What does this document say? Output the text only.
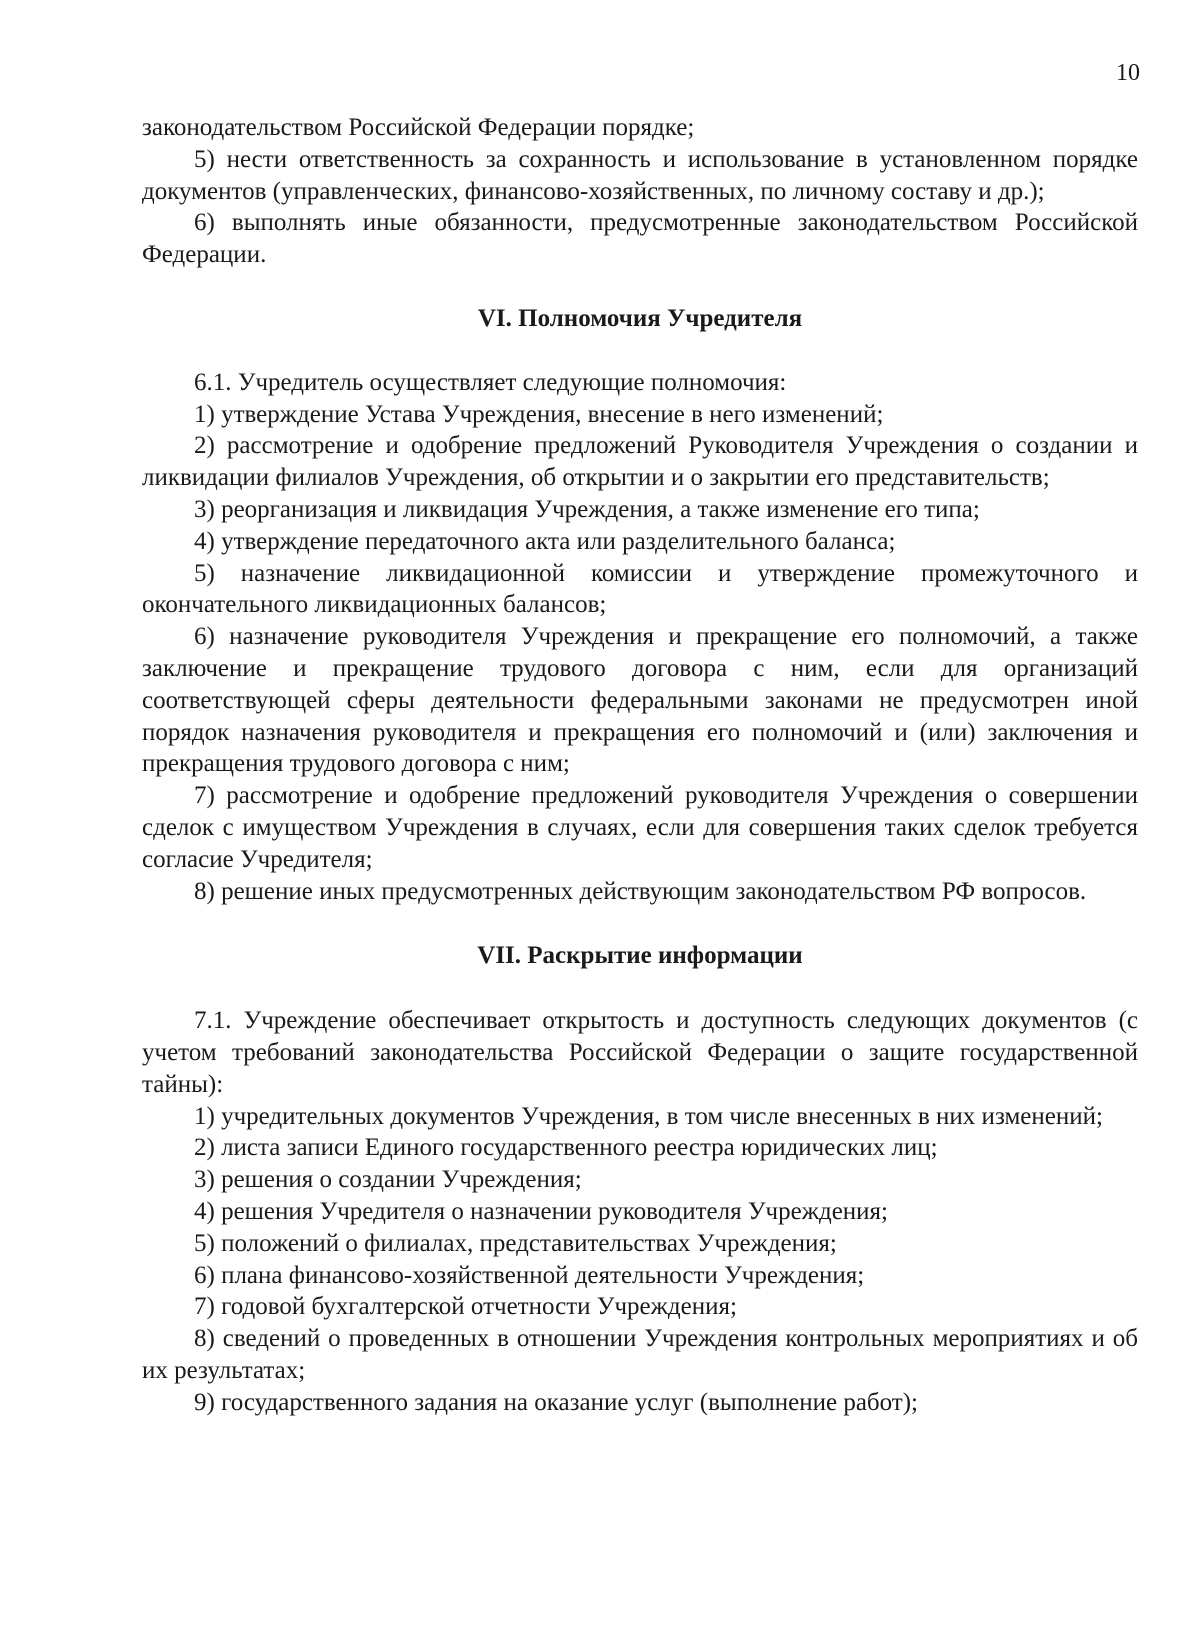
10

законодательством Российской Федерации порядке;

5) нести ответственность за сохранность и использование в установленном порядке документов (управленческих, финансово-хозяйственных, по личному составу и др.);

6) выполнять иные обязанности, предусмотренные законодательством Российской Федерации.

VI. Полномочия Учредителя

6.1. Учредитель осуществляет следующие полномочия:

1) утверждение Устава Учреждения, внесение в него изменений;

2) рассмотрение и одобрение предложений Руководителя Учреждения о создании и ликвидации филиалов Учреждения, об открытии и о закрытии его представительств;

3) реорганизация и ликвидация Учреждения, а также изменение его типа;

4) утверждение передаточного акта или разделительного баланса;

5) назначение ликвидационной комиссии и утверждение промежуточного и окончательного ликвидационных балансов;

6) назначение руководителя Учреждения и прекращение его полномочий, а также заключение и прекращение трудового договора с ним, если для организаций соответствующей сферы деятельности федеральными законами не предусмотрен иной порядок назначения руководителя и прекращения его полномочий и (или) заключения и прекращения трудового договора с ним;

7) рассмотрение и одобрение предложений руководителя Учреждения о совершении сделок с имуществом Учреждения в случаях, если для совершения таких сделок требуется согласие Учредителя;

8) решение иных предусмотренных действующим законодательством РФ вопросов.

VII. Раскрытие информации

7.1. Учреждение обеспечивает открытость и доступность следующих документов (с учетом требований законодательства Российской Федерации о защите государственной тайны):

1) учредительных документов Учреждения, в том числе внесенных в них изменений;

2) листа записи Единого государственного реестра юридических лиц;

3) решения о создании Учреждения;

4) решения Учредителя о назначении руководителя Учреждения;

5) положений о филиалах, представительствах Учреждения;

6) плана финансово-хозяйственной деятельности Учреждения;

7) годовой бухгалтерской отчетности Учреждения;

8) сведений о проведенных в отношении Учреждения контрольных мероприятиях и об их результатах;

9) государственного задания на оказание услуг (выполнение работ);
